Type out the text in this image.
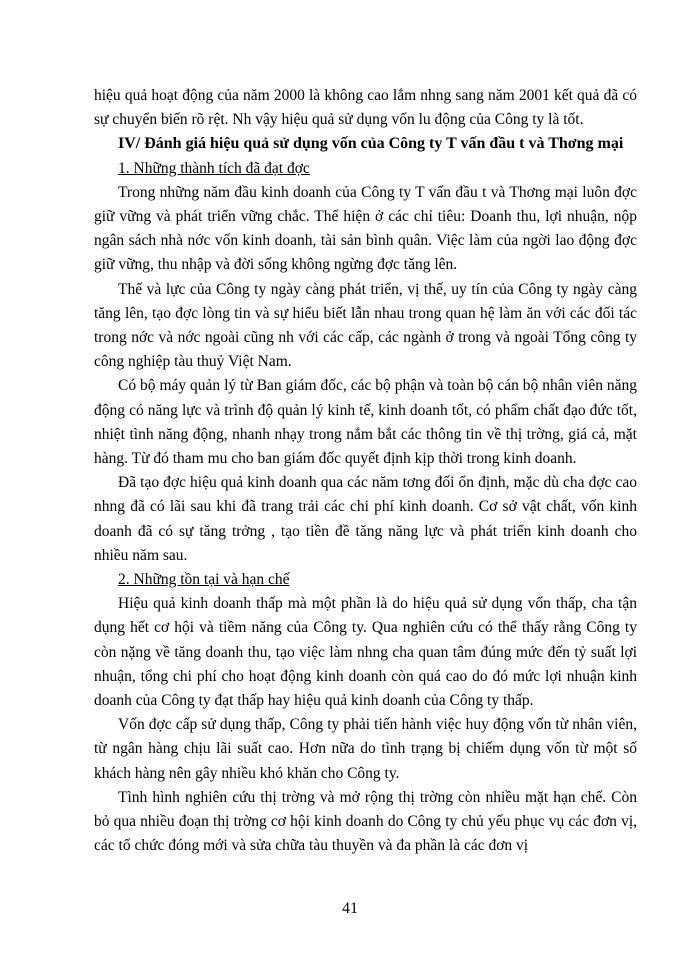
hiệu quả hoạt động của năm 2000 là không cao lắm nhng sang năm 2001 kết quả đã có sự chuyển biến rõ rệt. Nh vậy hiệu quả sử dụng vốn lu động của Công ty là tốt.

IV/ Đánh giá hiệu quả sử dụng vốn của Công ty T vấn đầu t và Thơng mại

1. Những thành tích đã đạt đợc

Trong những năm đầu kinh doanh của Công ty T vấn đầu t và Thơng mại luôn đợc giữ vững và phát triển vững chắc. Thể hiện ở các chỉ tiêu: Doanh thu, lợi nhuận, nộp ngân sách nhà nớc vốn kinh doanh, tài sản bình quân. Việc làm của ngời lao động đợc giữ vững, thu nhập và đời sống không ngừng đợc tăng lên.

Thế và lực của Công ty ngày càng phát triển, vị thế, uy tín của Công ty ngày càng tăng lên, tạo đợc lòng tin và sự hiểu biết lẫn nhau trong quan hệ làm ăn với các đối tác trong nớc và nớc ngoài cũng nh với các cấp, các ngành ở trong và ngoài Tổng công ty công nghiệp tàu thuỷ Việt Nam.

Có bộ máy quản lý từ Ban giám đốc, các bộ phận và toàn bộ cán bộ nhân viên năng động có năng lực và trình độ quản lý kinh tế, kinh doanh tốt, có phẩm chất đạo đức tốt, nhiệt tình năng động, nhanh nhạy trong nắm bắt các thông tin về thị trờng, giá cả, mặt hàng. Từ đó tham mu cho ban giám đốc quyết định kịp thời trong kinh doanh.

Đã tạo đợc hiệu quả kinh doanh qua các năm tơng đối ổn định, mặc dù cha đợc cao nhng đã có lãi sau khi đã trang trải các chi phí kinh doanh. Cơ sở vật chất, vốn kinh doanh đã có sự tăng trởng , tạo tiền đề tăng năng lực và phát triển kinh doanh cho nhiều năm sau.

2. Những tồn tại và hạn chế

Hiệu quả kinh doanh thấp mà một phần là do hiệu quả sử dụng vốn thấp, cha tận dụng hết cơ hội và tiềm năng của Công ty. Qua nghiên cứu có thể thấy rằng Công ty còn nặng về tăng doanh thu, tạo việc làm nhng cha quan tâm đúng mức đến tỷ suất lợi nhuận, tổng chi phí cho hoạt động kinh doanh còn quá cao do đó mức lợi nhuận kinh doanh của Công ty đạt thấp hay hiệu quả kinh doanh của Công ty thấp.

Vốn đợc cấp sử dụng thấp, Công ty phải tiến hành việc huy động vốn từ nhân viên, từ ngân hàng chịu lãi suất cao. Hơn nữa do tình trạng bị chiếm dụng vốn từ một số khách hàng nên gây nhiều khó khăn cho Công ty.

Tình hình nghiên cứu thị trờng và mở rộng thị trờng còn nhiều mặt hạn chế. Còn bỏ qua nhiều đoạn thị trờng cơ hội kinh doanh do Công ty chủ yếu phục vụ các đơn vị, các tổ chức đóng mới và sửa chữa tàu thuyền và đa phần là các đơn vị

41
